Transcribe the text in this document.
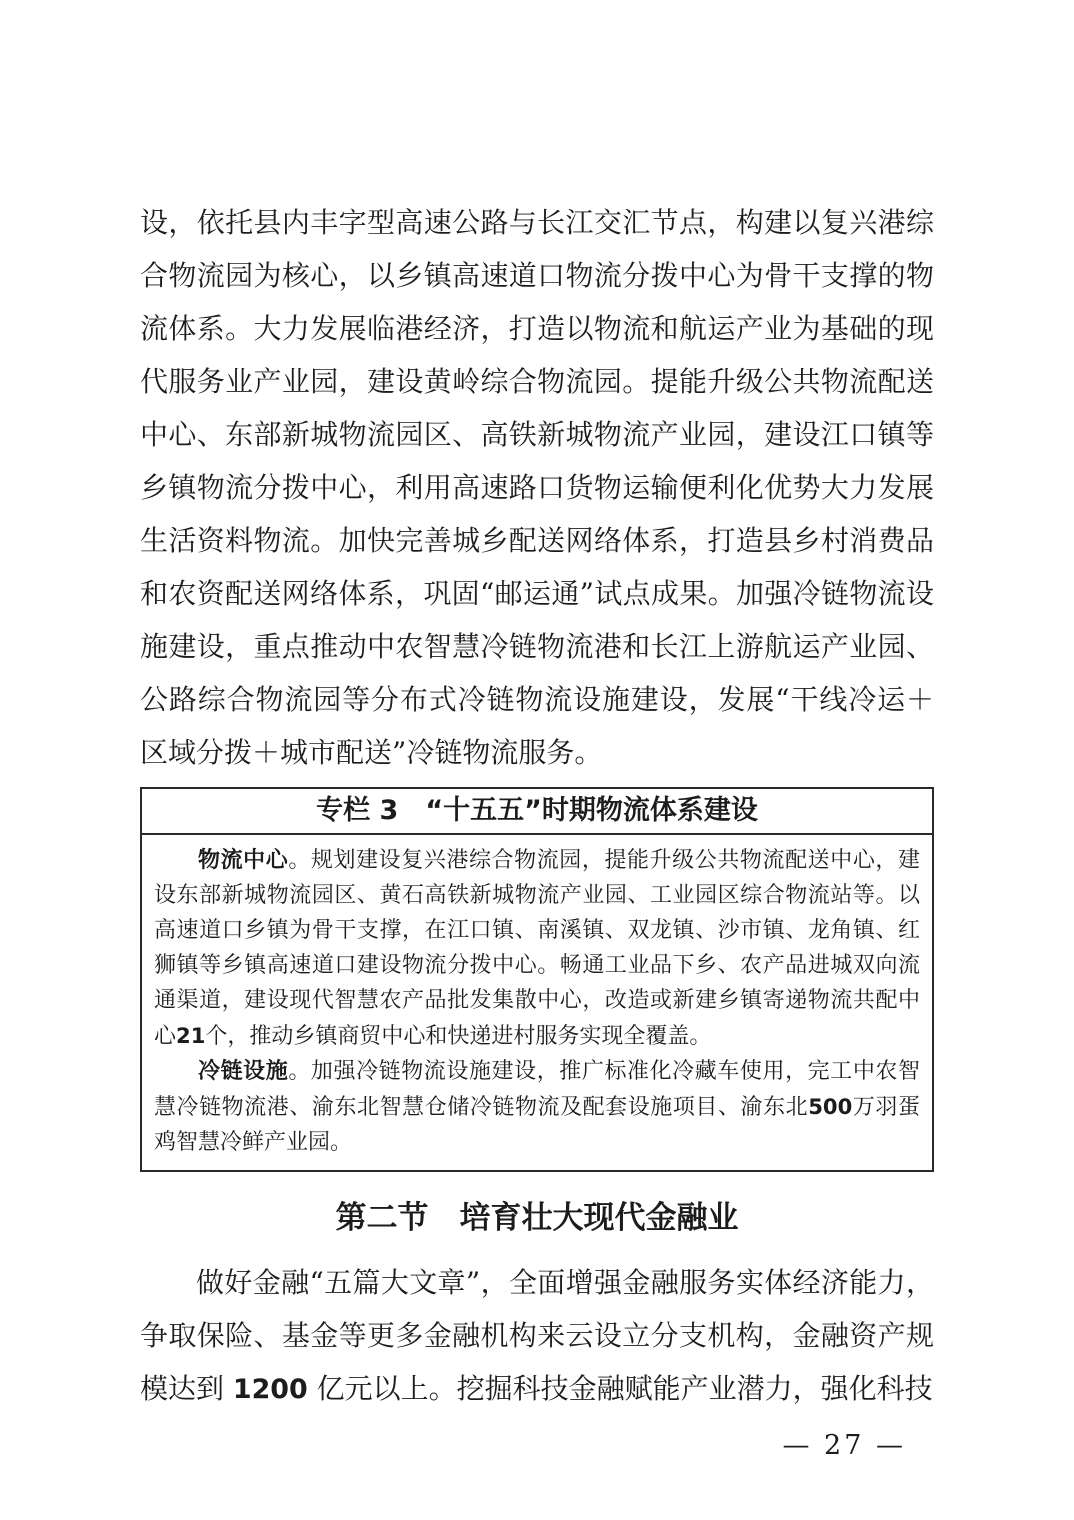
设，依托县内丰字型高速公路与长江交汇节点，构建以复兴港综合物流园为核心，以乡镇高速道口物流分拨中心为骨干支撑的物流体系。大力发展临港经济，打造以物流和航运产业为基础的现代服务业产业园，建设黄岭综合物流园。提能升级公共物流配送中心、东部新城物流园区、高铁新城物流产业园，建设江口镇等乡镇物流分拨中心，利用高速路口货物运输便利化优势大力发展生活资料物流。加快完善城乡配送网络体系，打造县乡村消费品和农资配送网络体系，巩固“邮运通”试点成果。加强冷链物流设施建设，重点推动中农智慧冷链物流港和长江上游航运产业园、公路综合物流园等分布式冷链物流设施建设，发展“干线冷运＋区域分拨＋城市配送”冷链物流服务。

专栏 3　“十五五”时期物流体系建设

物流中心。规划建设复兴港综合物流园，提能升级公共物流配送中心，建设东部新城物流园区、黄石高铁新城物流产业园、工业园区综合物流站等。以高速道口乡镇为骨干支撑，在江口镇、南溪镇、双龙镇、沙市镇、龙角镇、红狮镇等乡镇高速道口建设物流分拨中心。畅通工业品下乡、农产品进城双向流通渠道，建设现代智慧农产品批发集散中心，改造或新建乡镇寄递物流共配中心21个，推动乡镇商贸中心和快递进村服务实现全覆盖。

冷链设施。加强冷链物流设施建设，推广标准化冷藏车使用，完工中农智慧冷链物流港、渝东北智慧仓储冷链物流及配套设施项目、渝东北500万羽蛋鸡智慧冷鲜产业园。

第二节　培育壮大现代金融业

做好金融“五篇大文章”，全面增强金融服务实体经济能力，争取保险、基金等更多金融机构来云设立分支机构，金融资产规模达到 1200 亿元以上。挖掘科技金融赋能产业潜力，强化科技

— 27 —
